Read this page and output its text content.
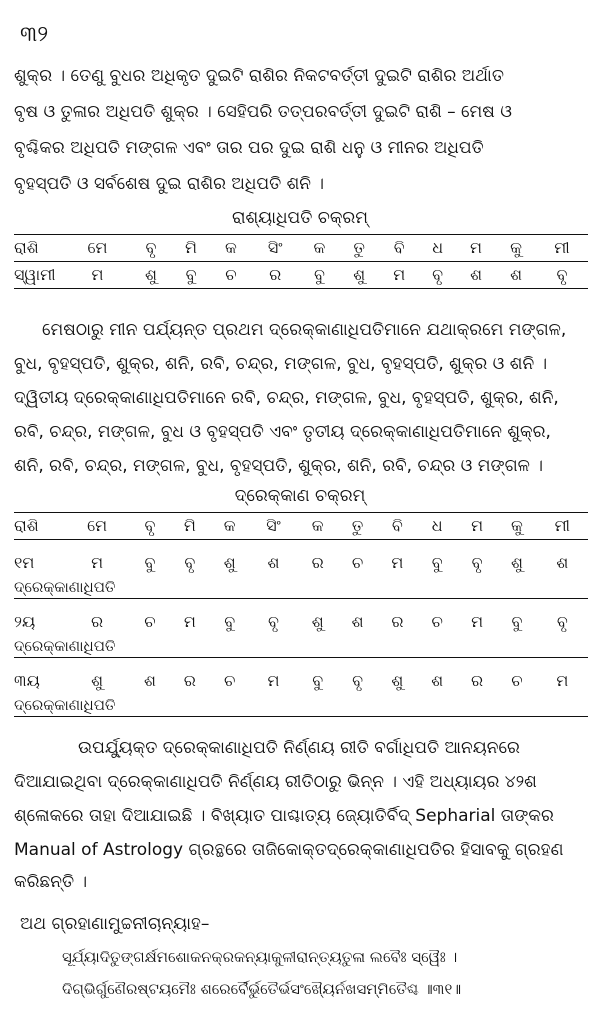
୩୨
ଶୁକ୍ର । ତେଣୁ ବୁଧର ଅଧିକୃତ ଦୁଇଟି ରାଶିର ନିକଟବର୍ତ୍ତୀ ଦୁଇଟି ରାଶିର ଅର୍ଥାତ
ବୃଷ ଓ ତୁଳାର ଅଧିପତି ଶୁକ୍ର । ସେହିପରି ତତ୍ପରବର୍ତ୍ତୀ ଦୁଇଟି ରାଶି – ମେଷ ଓ
ବୃଶ୍ଚିକର ଅଧିପତି ମଙ୍ଗଳ ଏବଂ ତାର ପର ଦୁଇ ରାଶି ଧନୁ ଓ ମୀନର ଅଧିପତି
ବୃହସ୍ପତି ଓ ସର୍ବଶେଷ ଦୁଇ ରାଶିର ଅଧିପତି ଶନି ।
ରାଶ୍ୟାଧିପତି ଚକ୍ରମ୍
ରାଶି	ମେ	ବୃ	ମି	କ	ସିଂ	କ	ତୁ	ବି	ଧ	ମ	କୁ	ମୀ
ସ୍ୱାମୀ	ମ	ଶୁ	ବୁ	ଚ	ର	ବୁ	ଶୁ	ମ	ବୃ	ଶ	ଶ	ବୃ
ମେଷଠାରୁ ମୀନ ପର୍ଯ୍ୟନ୍ତ ପ୍ରଥମ ଦ୍ରେକ୍‌କାଣାଧିପତିମାନେ ଯଥାକ୍ରମେ ମଙ୍ଗଳ,
ବୁଧ, ବୃହସ୍ପତି, ଶୁକ୍ର, ଶନି, ରବି, ଚନ୍ଦ୍ର, ମଙ୍ଗଳ, ବୁଧ, ବୃହସ୍ପତି, ଶୁକ୍ର ଓ ଶନି ।
ଦ୍ୱିତୀୟ ଦ୍ରେକ୍‌କାଣାଧିପତିମାନେ ରବି, ଚନ୍ଦ୍ର, ମଙ୍ଗଳ, ବୁଧ, ବୃହସ୍ପତି, ଶୁକ୍ର, ଶନି,
ରବି, ଚନ୍ଦ୍ର, ମଙ୍ଗଳ, ବୁଧ ଓ ବୃହସ୍ପତି ଏବଂ ତୃତୀୟ ଦ୍ରେକ୍‌କାଣାଧିପତିମାନେ ଶୁକ୍ର,
ଶନି, ରବି, ଚନ୍ଦ୍ର, ମଙ୍ଗଳ, ବୁଧ, ବୃହସ୍ପତି, ଶୁକ୍ର, ଶନି, ରବି, ଚନ୍ଦ୍ର ଓ ମଙ୍ଗଳ ।
ଦ୍ରେକ୍‌କାଣ ଚକ୍ରମ୍
ରାଶି	ମେ	ବୃ	ମି	କ	ସିଂ	କ	ତୁ	ବି	ଧ	ମ	କୁ	ମୀ
୧ମ	ମ	ବୁ	ବୃ	ଶୁ	ଶ	ର	ଚ	ମ	ବୁ	ବୃ	ଶୁ	ଶ
ଦ୍ରେକ୍‌କାଣାଧିପତି												
୨ୟ	ର	ଚ	ମ	ବୁ	ବୃ	ଶୁ	ଶ	ର	ଚ	ମ	ବୁ	ବୃ
ଦ୍ରେକ୍‌କାଣାଧିପତି												
୩ୟ	ଶୁ	ଶ	ର	ଚ	ମ	ବୁ	ବୃ	ଶୁ	ଶ	ର	ଚ	ମ
ଦ୍ରେକ୍‌କାଣାଧିପତି												
ଉପର୍ଯ୍ୟୁକ୍ତ ଦ୍ରେକ୍‌କାଣାଧିପତି ନିର୍ଣ୍ଣୟ ରୀତି ବର୍ଗାଧିପତି ଆନୟନରେ
ଦିଆଯାଇଥିବା ଦ୍ରେକ୍‌କାଣାଧିପତି ନିର୍ଣ୍ଣୟ ରୀତିଠାରୁ ଭିନ୍ନ । ଏହି ଅଧ୍ୟାୟର ୪୨ଶ
ଶ୍ଳୋକରେ ତାହା ଦିଆଯାଇଛି । ବିଖ୍ୟାତ ପାଶ୍ଚାତ୍ୟ ଜ୍ୟୋତିର୍ବିଦ୍ Sepharial ତାଙ୍କର
Manual of Astrology ଗ୍ରନ୍ଥରେ ତାଜିକୋକ୍ତଦ୍ରେକ୍‌କାଣାଧିପତିର ହିସାବକୁ ଗ୍ରହଣ
କରିଛନ୍ତି ।
ଅଥ ଗ୍ରହାଣାମୁଚ୍ଚନୀଚାନ୍ୟାହ–
ସୂର୍ଯ୍ୟାଦିତୁଙ୍ଗର୍କ୍ଷମଶୋକନକ୍ରକନ୍ୟାକୁଳୀରାନ୍ତ୍ୟତୁଳା ଲବୈଃ ସ୍ୱୈଃ ।
ଦିଗ୍‌ଭିର୍ଗୁଣୈରଷ୍ଟୟମୈଃ ଶରେର୍ବୈର୍ଭୁତୈର୍ଭସଂଖ୍ୟୈର୍ନଖସମ୍ମିତୈଶ୍ଚ ॥୩୧॥
